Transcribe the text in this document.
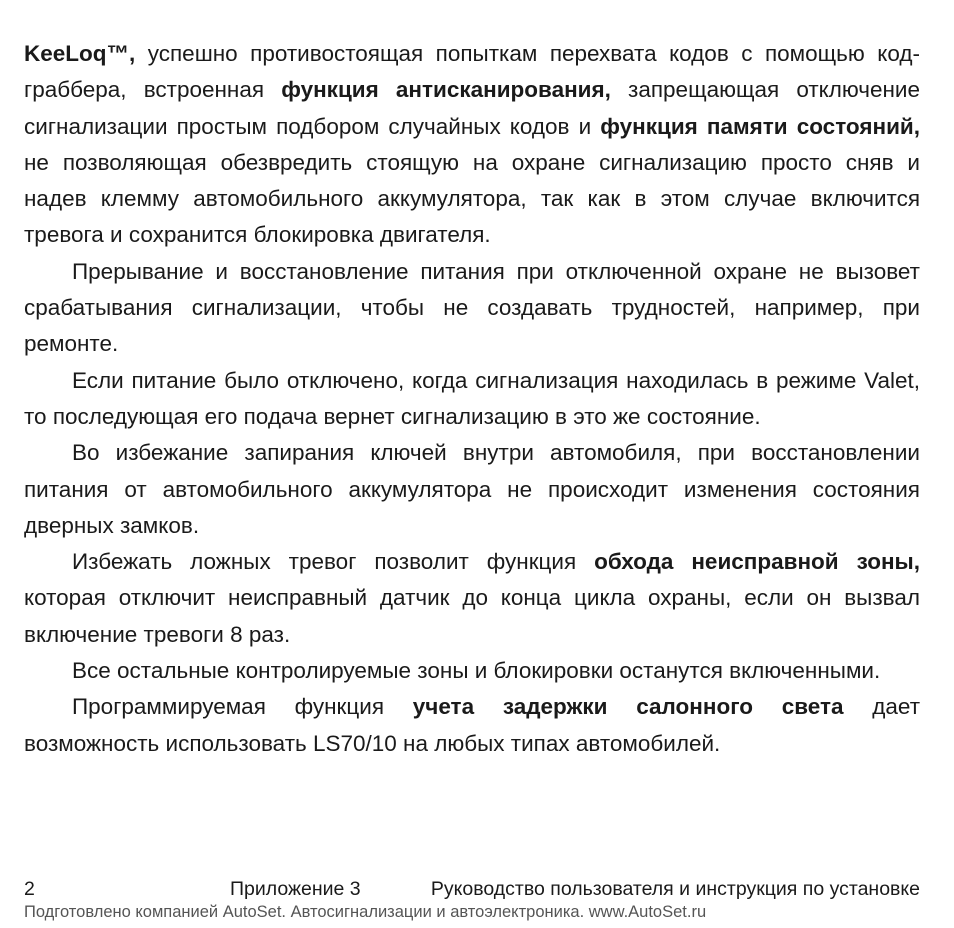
KeeLoq™, успешно противостоящая попыткам перехвата кодов с помощью код-граббера, встроенная функция антисканирования, запрещающая отключение сигнализации простым подбором случайных кодов и функция памяти состояний, не позволяющая обезвредить стоящую на охране сигнализацию просто сняв и надев клемму автомобильного аккумулятора, так как в этом случае включится тревога и сохранится блокировка двигателя.

Прерывание и восстановление питания при отключенной охране не вызовет срабатывания сигнализации, чтобы не создавать трудностей, например, при ремонте.

Если питание было отключено, когда сигнализация находилась в режиме Valet, то последующая его подача вернет сигнализацию в это же состояние.

Во избежание запирания ключей внутри автомобиля, при восстановлении питания от автомобильного аккумулятора не происходит изменения состояния дверных замков.

Избежать ложных тревог позволит функция обхода неисправной зоны, которая отключит неисправный датчик до конца цикла охраны, если он вызвал включение тревоги 8 раз.

Все остальные контролируемые зоны и блокировки останутся включенными.

Программируемая функция учета задержки салонного света дает возможность использовать LS70/10 на любых типах автомобилей.

2	Приложение 3	Руководство пользователя и инструкция по установке
Подготовлено компанией AutoSet. Автосигнализации и автоэлектроника. www.AutoSet.ru
